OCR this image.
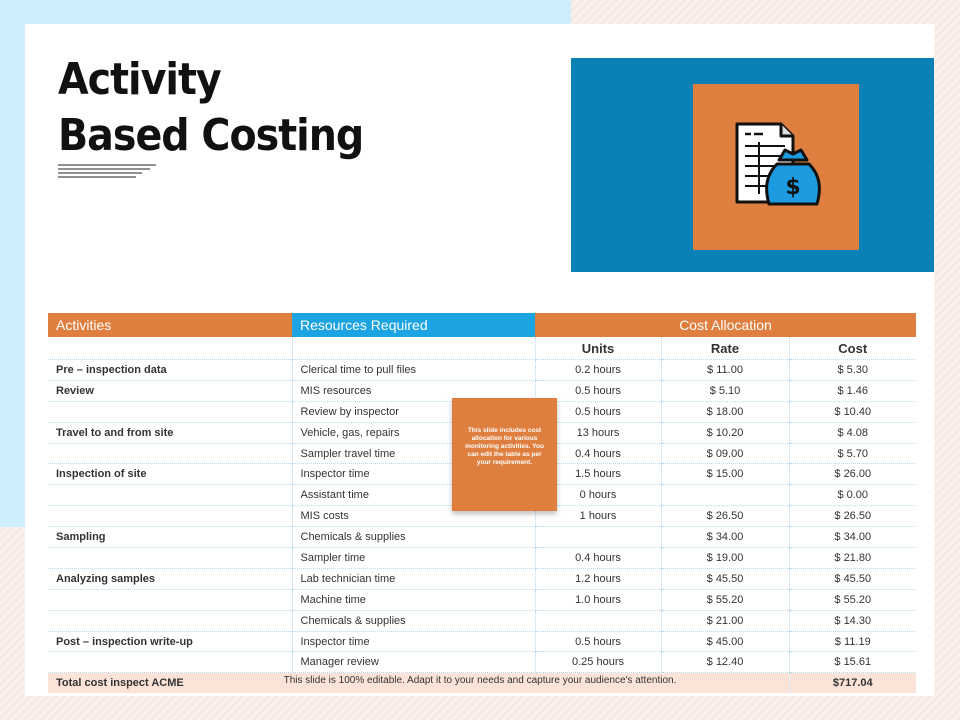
Activity
Based Costing
$
Activities	Resources Required	Cost Allocation		
		Units	Rate	Cost
Pre – inspection data	Clerical time to pull files	0.2 hours	$ 11.00	$ 5.30
Review	MIS resources	0.5 hours	$ 5.10	$ 1.46
	Review by inspector	0.5 hours	$ 18.00	$ 10.40
Travel to and from site	Vehicle, gas, repairs	13 hours	$ 10.20	$ 4.08
	Sampler travel time	0.4 hours	$ 09.00	$ 5.70
Inspection of site	Inspector time	1.5 hours	$ 15.00	$ 26.00
	Assistant time	0 hours		$ 0.00
	MIS costs	1 hours	$ 26.50	$ 26.50
Sampling	Chemicals & supplies		$ 34.00	$ 34.00
	Sampler time	0.4 hours	$ 19.00	$ 21.80
Analyzing samples	Lab technician time	1.2 hours	$ 45.50	$ 45.50
	Machine time	1.0 hours	$ 55.20	$ 55.20
	Chemicals & supplies		$ 21.00	$ 14.30
Post – inspection write-up	Inspector time	0.5 hours	$ 45.00	$ 11.19
	Manager review	0.25 hours	$ 12.40	$ 15.61
Total cost inspect ACME				$717.04
This slide includes cost allocation for various monitoring activities. You can edit the table as per your requirement.
This slide is 100% editable. Adapt it to your needs and capture your audience's attention.
